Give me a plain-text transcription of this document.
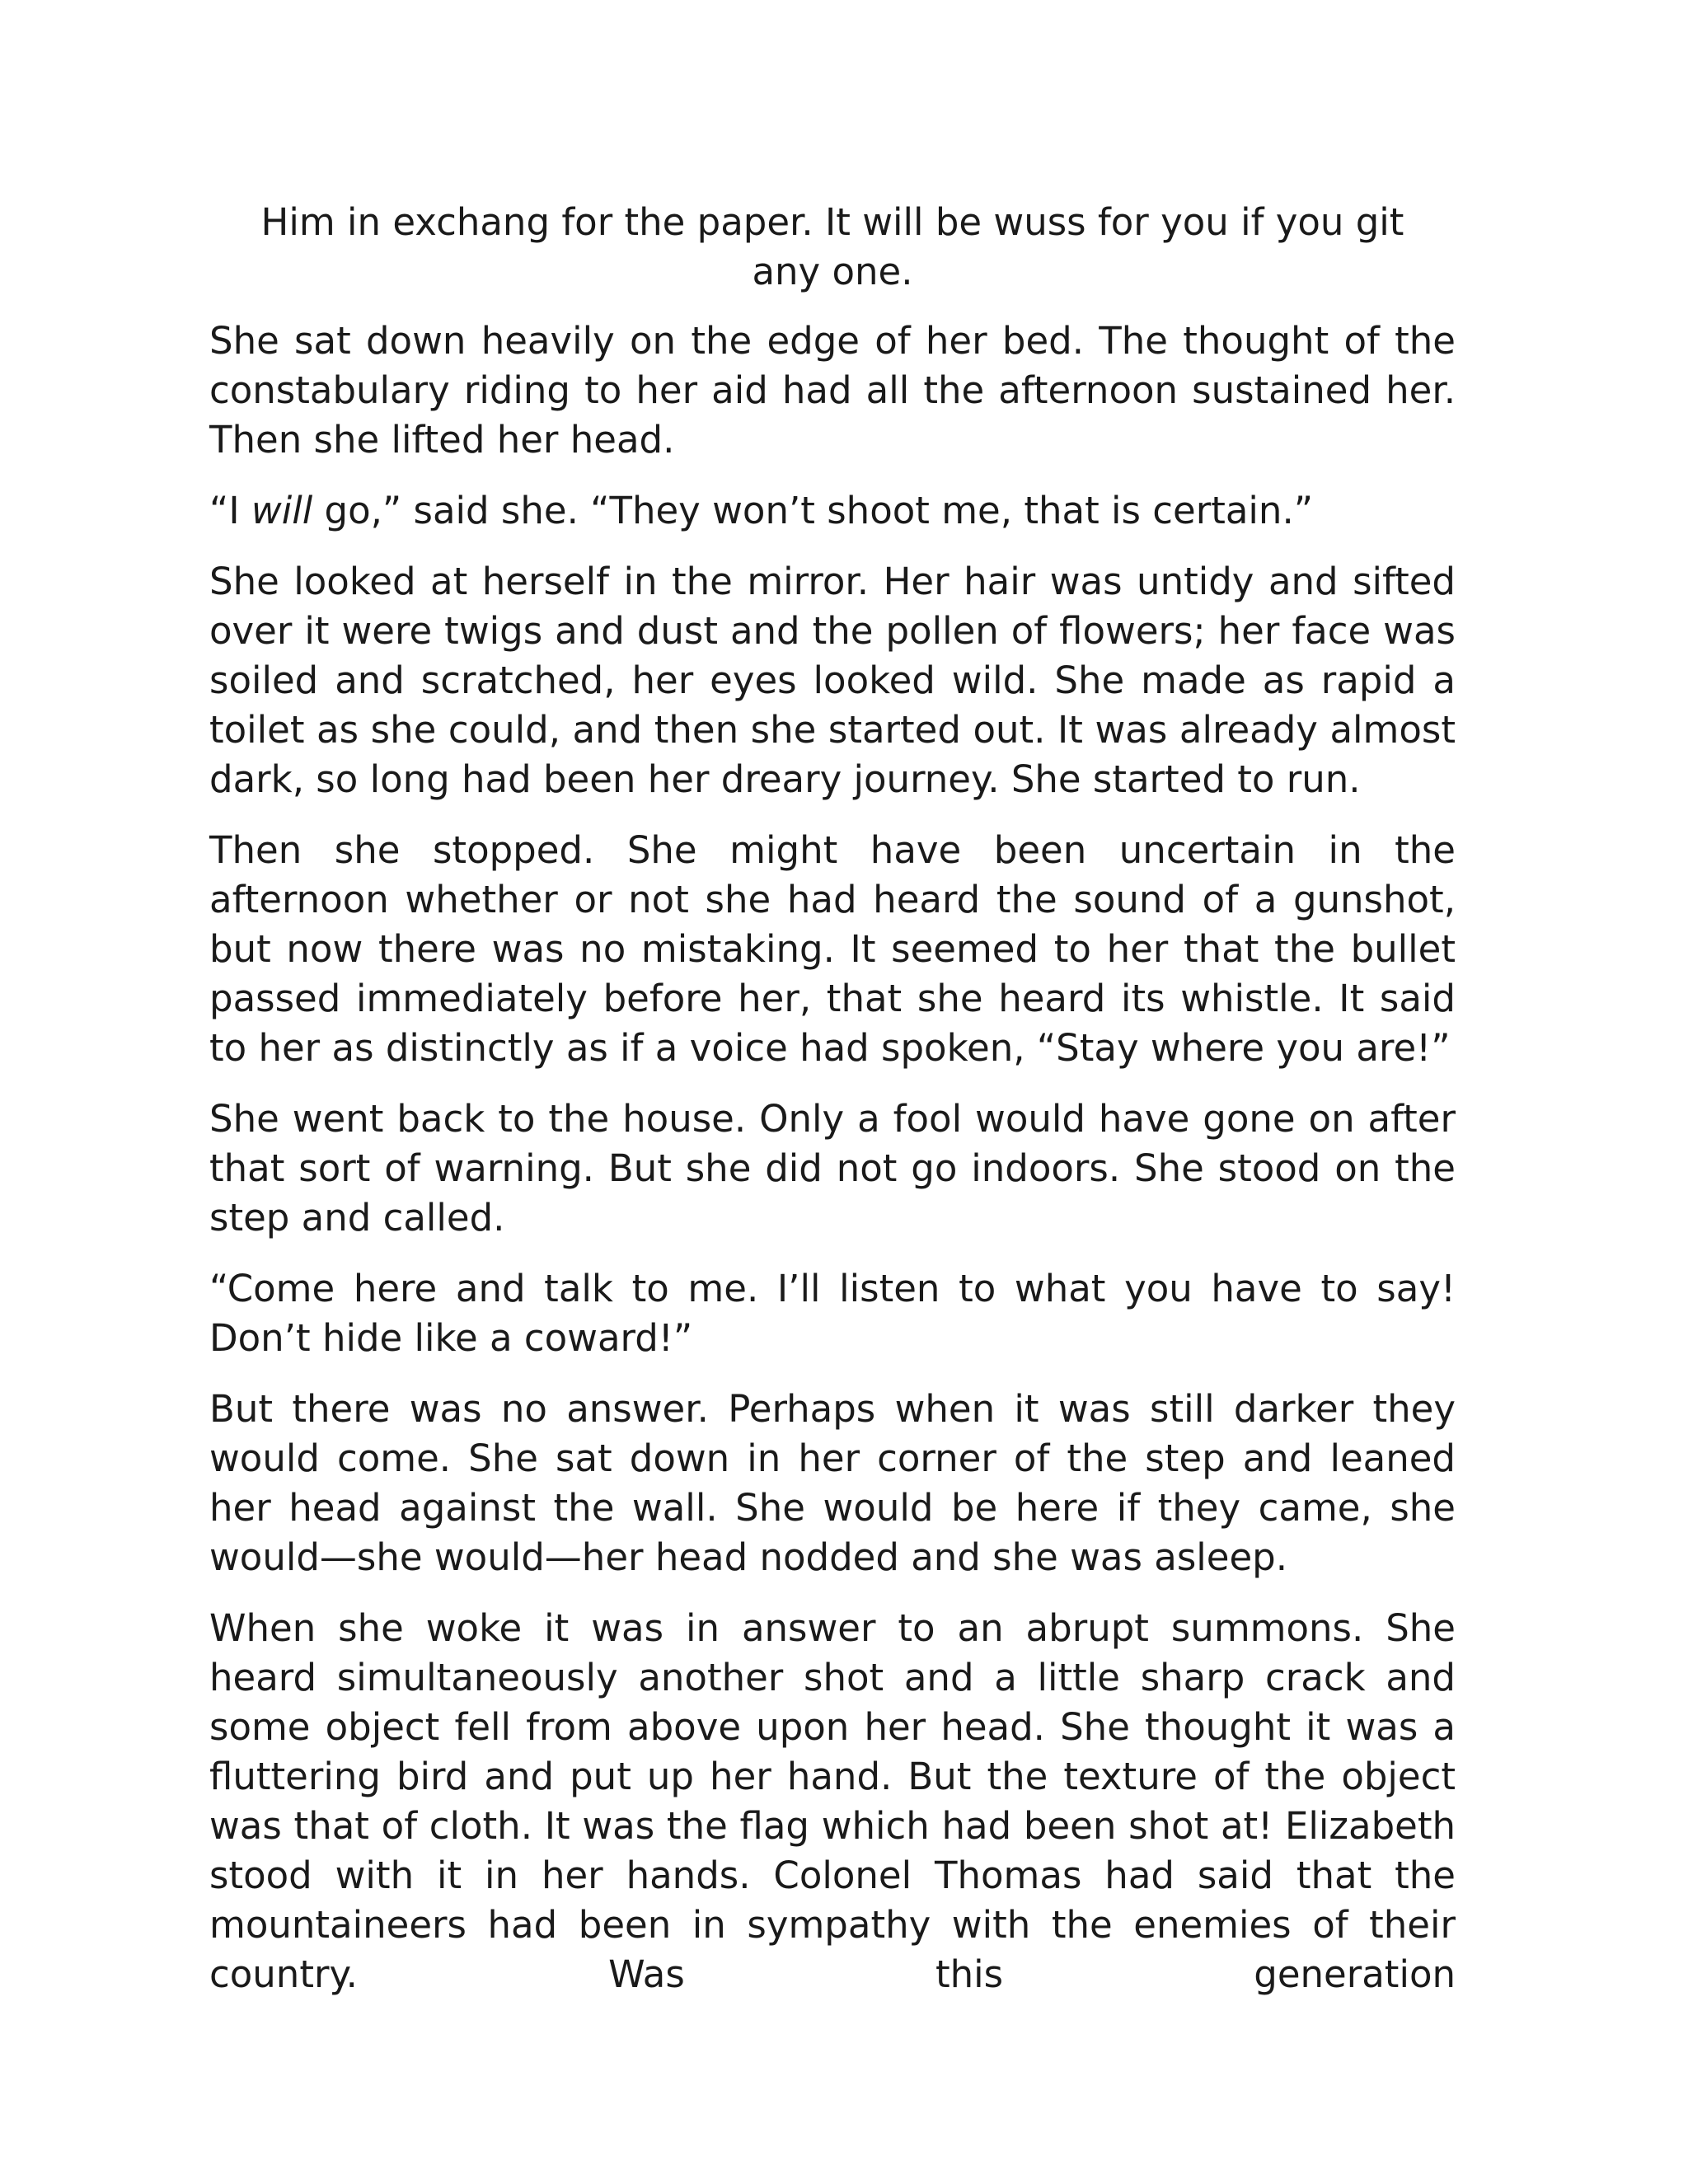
Him in exchang for the paper. It will be wuss for you if you git any one.

She sat down heavily on the edge of her bed. The thought of the constabulary riding to her aid had all the afternoon sustained her. Then she lifted her head.

“I will go,” said she. “They won’t shoot me, that is certain.”

She looked at herself in the mirror. Her hair was untidy and sifted over it were twigs and dust and the pollen of flowers; her face was soiled and scratched, her eyes looked wild. She made as rapid a toilet as she could, and then she started out. It was already almost dark, so long had been her dreary journey. She started to run.

Then she stopped. She might have been uncertain in the afternoon whether or not she had heard the sound of a gunshot, but now there was no mistaking. It seemed to her that the bullet passed immediately before her, that she heard its whistle. It said to her as distinctly as if a voice had spoken, “Stay where you are!”

She went back to the house. Only a fool would have gone on after that sort of warning. But she did not go indoors. She stood on the step and called.

“Come here and talk to me. I’ll listen to what you have to say! Don’t hide like a coward!”

But there was no answer. Perhaps when it was still darker they would come. She sat down in her corner of the step and leaned her head against the wall. She would be here if they came, she would—she would—her head nodded and she was asleep.

When she woke it was in answer to an abrupt summons. She heard simultaneously another shot and a little sharp crack and some object fell from above upon her head. She thought it was a fluttering bird and put up her hand. But the texture of the object was that of cloth. It was the flag which had been shot at! Elizabeth stood with it in her hands. Colonel Thomas had said that the mountaineers had been in sympathy with the enemies of their country. Was this generation
